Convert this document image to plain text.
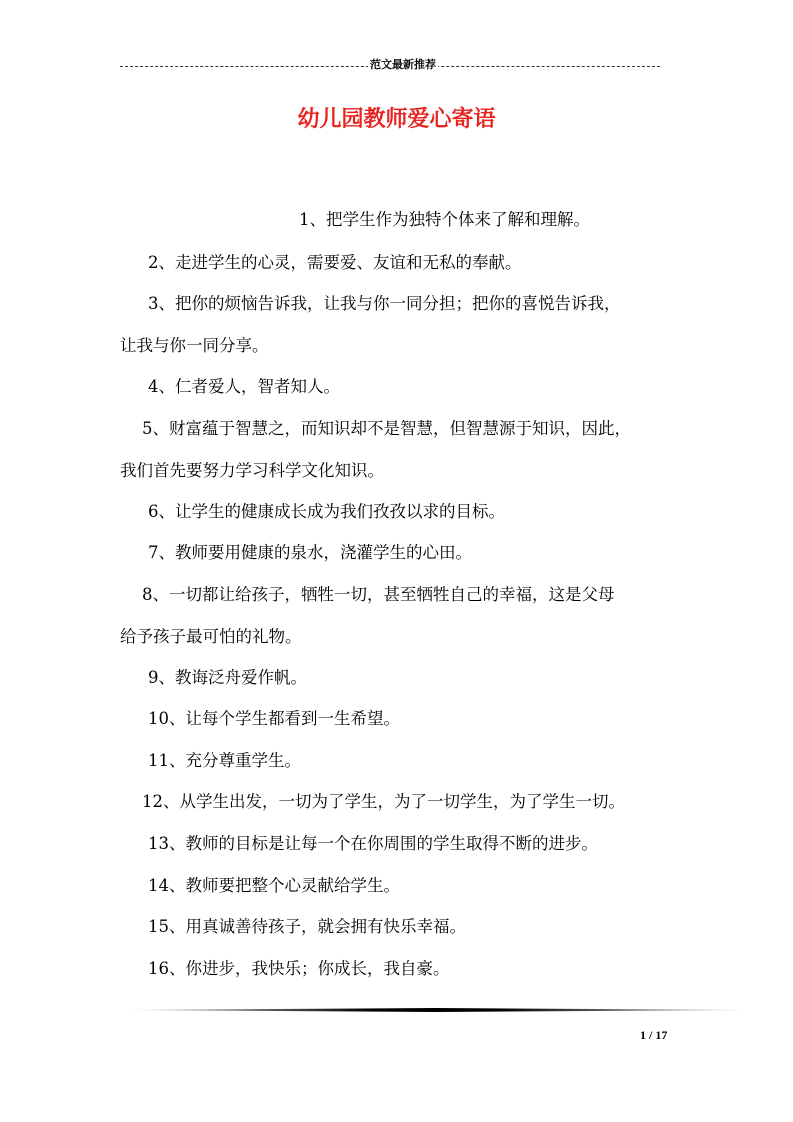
范文最新推荐
幼儿园教师爱心寄语

1、把学生作为独特个体来了解和理解。

2、走进学生的心灵，需要爱、友谊和无私的奉献。

3、把你的烦恼告诉我，让我与你一同分担；把你的喜悦告诉我，
让我与你一同分享。

4、仁者爱人，智者知人。

5、财富蕴于智慧之，而知识却不是智慧，但智慧源于知识，因此，
我们首先要努力学习科学文化知识。

6、让学生的健康成长成为我们孜孜以求的目标。

7、教师要用健康的泉水，浇灌学生的心田。

8、一切都让给孩子，牺牲一切，甚至牺牲自己的幸福，这是父母
给予孩子最可怕的礼物。

9、教诲泛舟爱作帆。

10、让每个学生都看到一生希望。

11、充分尊重学生。

12、从学生出发，一切为了学生，为了一切学生，为了学生一切。

13、教师的目标是让每一个在你周围的学生取得不断的进步。

14、教师要把整个心灵献给学生。

15、用真诚善待孩子，就会拥有快乐幸福。

16、你进步，我快乐；你成长，我自豪。

1 / 17
